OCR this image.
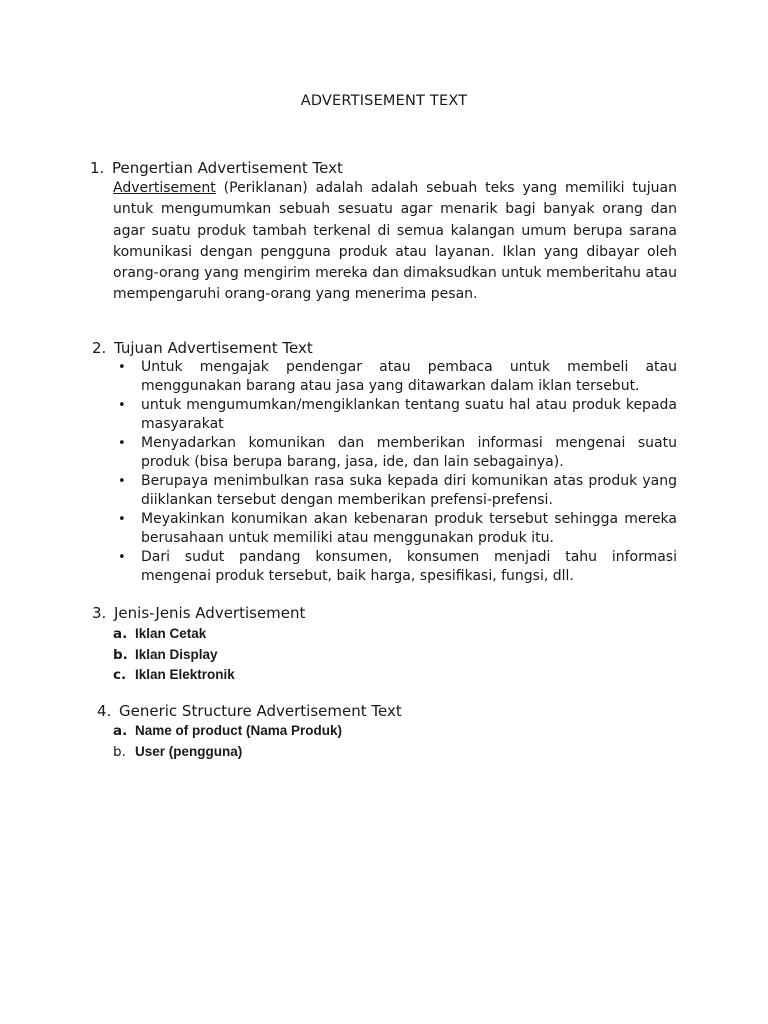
ADVERTISEMENT TEXT
1. Pengertian Advertisement Text
Advertisement (Periklanan) adalah adalah sebuah teks yang memiliki tujuan untuk mengumumkan sebuah sesuatu agar menarik bagi banyak orang dan agar suatu produk tambah terkenal di semua kalangan umum berupa sarana komunikasi dengan pengguna produk atau layanan. Iklan yang dibayar oleh orang-orang yang mengirim mereka dan dimaksudkan untuk memberitahu atau mempengaruhi orang-orang yang menerima pesan.
2. Tujuan Advertisement Text
•	Untuk mengajak pendengar atau pembaca untuk membeli atau menggunakan barang atau jasa yang ditawarkan dalam iklan tersebut.
•	untuk mengumumkan/mengiklankan tentang suatu hal atau produk kepada masyarakat
•	Menyadarkan komunikan dan memberikan informasi mengenai suatu produk (bisa berupa barang, jasa, ide, dan lain sebagainya).
•	Berupaya menimbulkan rasa suka kepada diri komunikan atas produk yang diiklankan tersebut dengan memberikan prefensi-prefensi.
•	Meyakinkan konumikan akan kebenaran produk tersebut sehingga mereka berusahaan untuk memiliki atau menggunakan produk itu.
•	Dari sudut pandang konsumen, konsumen menjadi tahu informasi mengenai produk tersebut, baik harga, spesifikasi, fungsi, dll.
3. Jenis-Jenis Advertisement
a. Iklan Cetak
b. Iklan Display
c. Iklan Elektronik
4. Generic Structure Advertisement Text
a. Name of product (Nama Produk)
b. User (pengguna)
